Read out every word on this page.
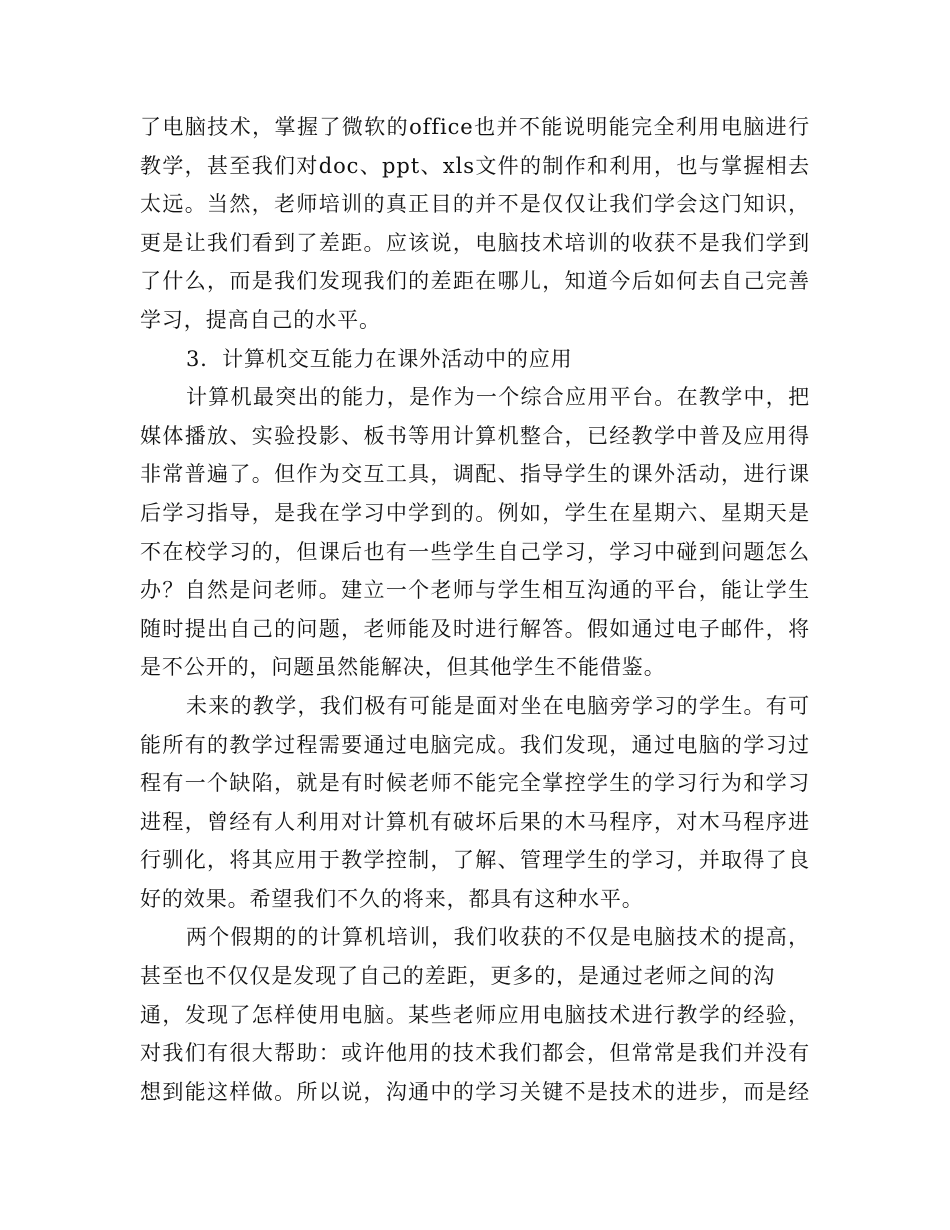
了电脑技术，掌握了微软的office也并不能说明能完全利用电脑进行
教学，甚至我们对doc、ppt、xls文件的制作和利用，也与掌握相去
太远。当然，老师培训的真正目的并不是仅仅让我们学会这门知识，
更是让我们看到了差距。应该说，电脑技术培训的收获不是我们学到
了什么，而是我们发现我们的差距在哪儿，知道今后如何去自己完善
学习，提高自己的水平。
3．计算机交互能力在课外活动中的应用
计算机最突出的能力，是作为一个综合应用平台。在教学中，把
媒体播放、实验投影、板书等用计算机整合，已经教学中普及应用得
非常普遍了。但作为交互工具，调配、指导学生的课外活动，进行课
后学习指导，是我在学习中学到的。例如，学生在星期六、星期天是
不在校学习的，但课后也有一些学生自己学习，学习中碰到问题怎么
办？自然是问老师。建立一个老师与学生相互沟通的平台，能让学生
随时提出自己的问题，老师能及时进行解答。假如通过电子邮件，将
是不公开的，问题虽然能解决，但其他学生不能借鉴。
未来的教学，我们极有可能是面对坐在电脑旁学习的学生。有可
能所有的教学过程需要通过电脑完成。我们发现，通过电脑的学习过
程有一个缺陷，就是有时候老师不能完全掌控学生的学习行为和学习
进程，曾经有人利用对计算机有破坏后果的木马程序，对木马程序进
行驯化，将其应用于教学控制，了解、管理学生的学习，并取得了良
好的效果。希望我们不久的将来，都具有这种水平。
两个假期的的计算机培训，我们收获的不仅是电脑技术的提高，
甚至也不仅仅是发现了自己的差距，更多的，是通过老师之间的沟
通，发现了怎样使用电脑。某些老师应用电脑技术进行教学的经验，
对我们有很大帮助：或许他用的技术我们都会，但常常是我们并没有
想到能这样做。所以说，沟通中的学习关键不是技术的进步，而是经
